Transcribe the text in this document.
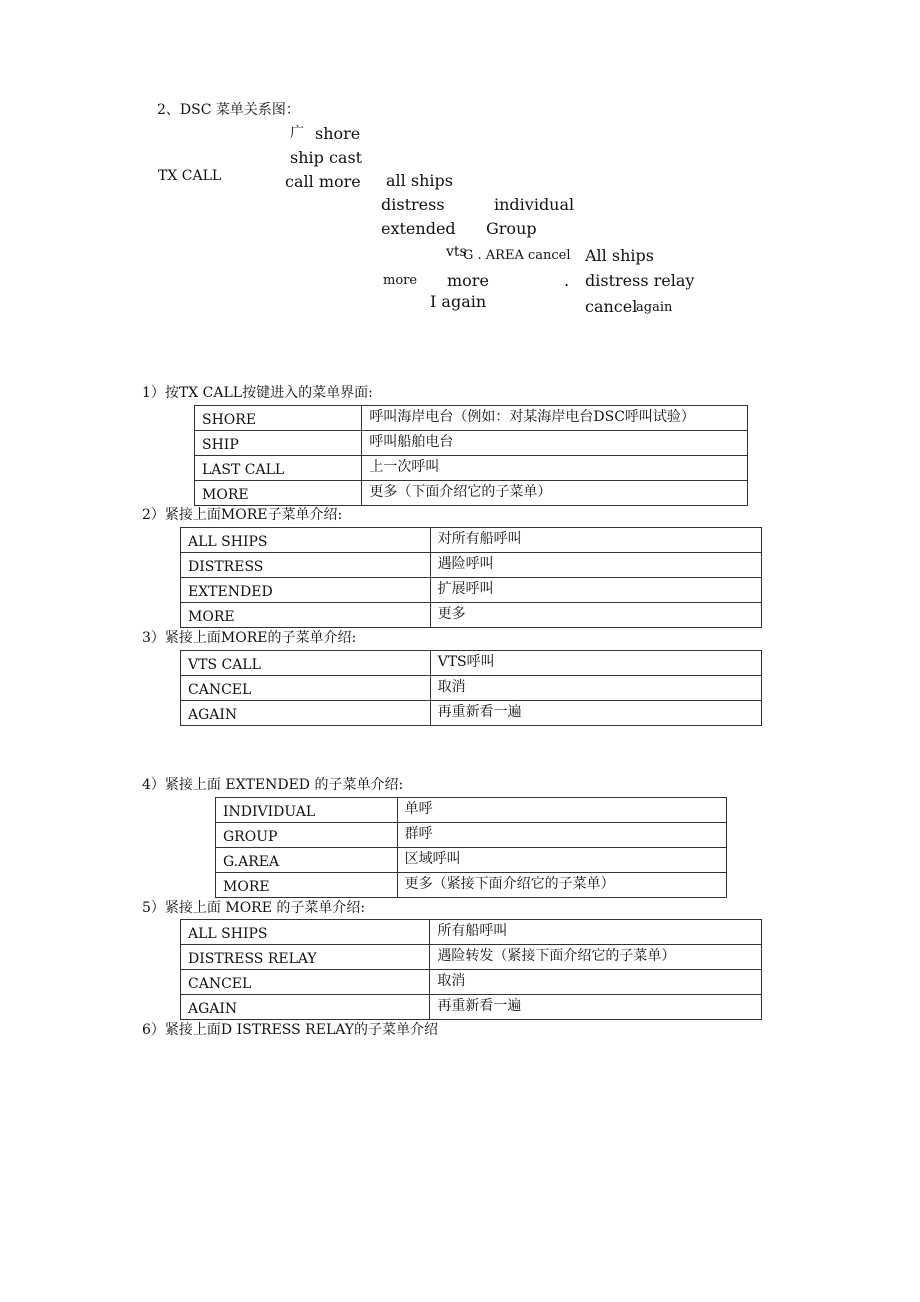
2、DSC 菜单关系图：
TX CALL
广 shore
ship cast
call more all ships
distress
extended
more
individual
Group
vts
G . AREA cancel
more
I again
.
All ships
distress relay
cancel
again
1）按TX CALL按键进入的菜单界面:
SHORE	呼叫海岸电台（例如：对某海岸电台DSC呼叫试验）
SHIP	呼叫船舶电台
LAST CALL	上一次呼叫
MORE	更多（下面介绍它的子菜单）
2）紧接上面MORE子菜单介绍:
ALL SHIPS	对所有船呼叫
DISTRESS	遇险呼叫
EXTENDED	扩展呼叫
MORE	更多
3）紧接上面MORE的子菜单介绍:
VTS CALL	VTS呼叫
CANCEL	取消
AGAIN	再重新看一遍
4）紧接上面 EXTENDED 的子菜单介绍:
INDIVIDUAL	单呼
GROUP	群呼
G.AREA	区域呼叫
MORE	更多（紧接下面介绍它的子菜单）
5）紧接上面 MORE 的子菜单介绍:
ALL SHIPS	所有船呼叫
DISTRESS RELAY	遇险转发（紧接下面介绍它的子菜单）
CANCEL	取消
AGAIN	再重新看一遍
6）紧接上面D ISTRESS RELAY的子菜单介绍
